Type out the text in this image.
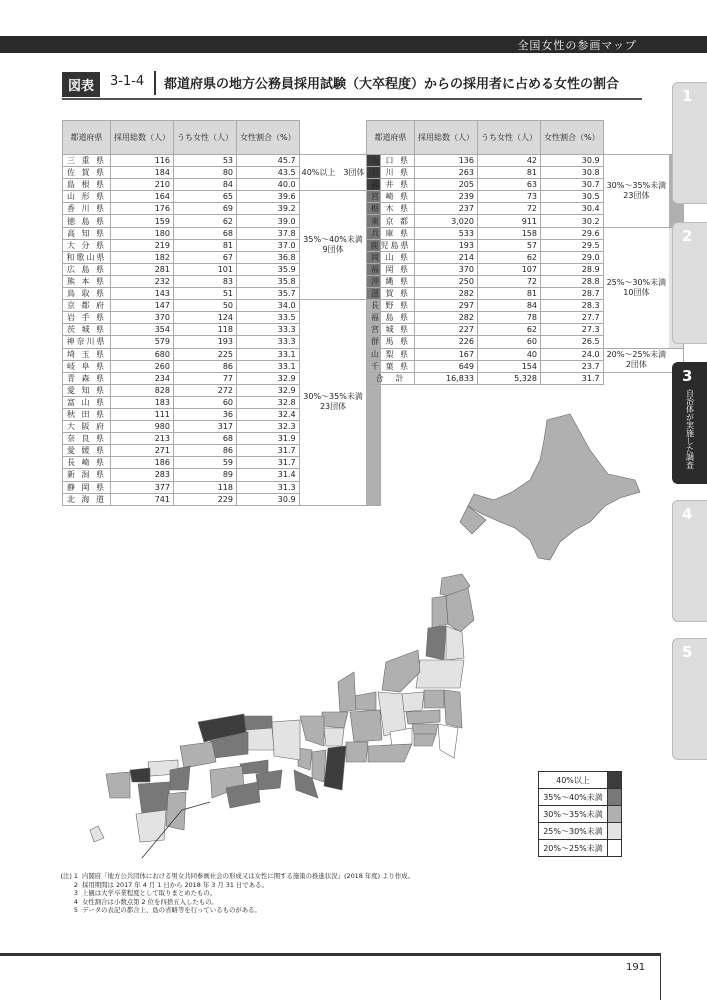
全国女性の参画マップ
図表	3-1-4 都道府県の地方公務員採用試験（大卒程度）からの採用者に占める女性の割合
都道府県	採用総数（人）	うち女性（人）	女性割合（%）		
三 重 県	116	53	45.7	40%以上　3団体	
佐 賀 県	184	80	43.5		
島 根 県	210	84	40.0		
山 形 県	164	65	39.6	35%～40%未満
9団体	
香 川 県	176	69	39.2		
徳 島 県	159	62	39.0		
高 知 県	180	68	37.8		
大 分 県	219	81	37.0		
和歌山県	182	67	36.8		
広 島 県	281	101	35.9		
熊 本 県	232	83	35.8		
鳥 取 県	143	51	35.7		
京 都 府	147	50	34.0	30%～35%未満
23団体	
岩 手 県	370	124	33.5		
茨 城 県	354	118	33.3		
神奈川県	579	193	33.3		
埼 玉 県	680	225	33.1		
岐 阜 県	260	86	33.1		
青 森 県	234	77	32.9		
愛 知 県	828	272	32.9		
富 山 県	183	60	32.8		
秋 田 県	111	36	32.4		
大 阪 府	980	317	32.3		
奈 良 県	213	68	31.9		
愛 媛 県	271	86	31.7		
長 崎 県	186	59	31.7		
新 潟 県	283	89	31.4		
静 岡 県	377	118	31.3		
北 海 道	741	229	30.9		
都道府県	採用総数（人）	うち女性（人）	女性割合（%）		
山 口 県	136	42	30.9	30%～35%未満
23団体	
石 川 県	263	81	30.8		
福 井 県	205	63	30.7		
宮 崎 県	239	73	30.5		
栃 木 県	237	72	30.4		
東 京 都	3,020	911	30.2		
兵 庫 県	533	158	29.6	25%～30%未満
10団体	
鹿児島県	193	57	29.5		
岡 山 県	214	62	29.0		
福 岡 県	370	107	28.9		
沖 縄 県	250	72	28.8		
滋 賀 県	282	81	28.7		
長 野 県	297	84	28.3		
福 島 県	282	78	27.7		
宮 城 県	227	62	27.3		
群 馬 県	226	60	26.5		
山 梨 県	167	40	24.0	20%～25%未満
2団体	
千 葉 県	649	154	23.7		
合　計	16,833	5,328	31.7		
40%以上	
35%～40%未満	
30%～35%未満	
25%～30%未満	
20%～25%未満	
(注) 1 内閣府「地方公共団体における男女共同参画社会の形成又は女性に関する施策の推進状況」(2018 年度) より作成。
2 採用期間は 2017 年 4 月 1 日から 2018 年 3 月 31 日である。
3 上観は大学卒業程度として取りまとめたもの。
4 女性割合は小数点第 2 位を四捨五入したもの。
5 データの表記の都合上、島の省略等を行っているものがある。
191
1
2
3
自治体が実施した調査
4
5
